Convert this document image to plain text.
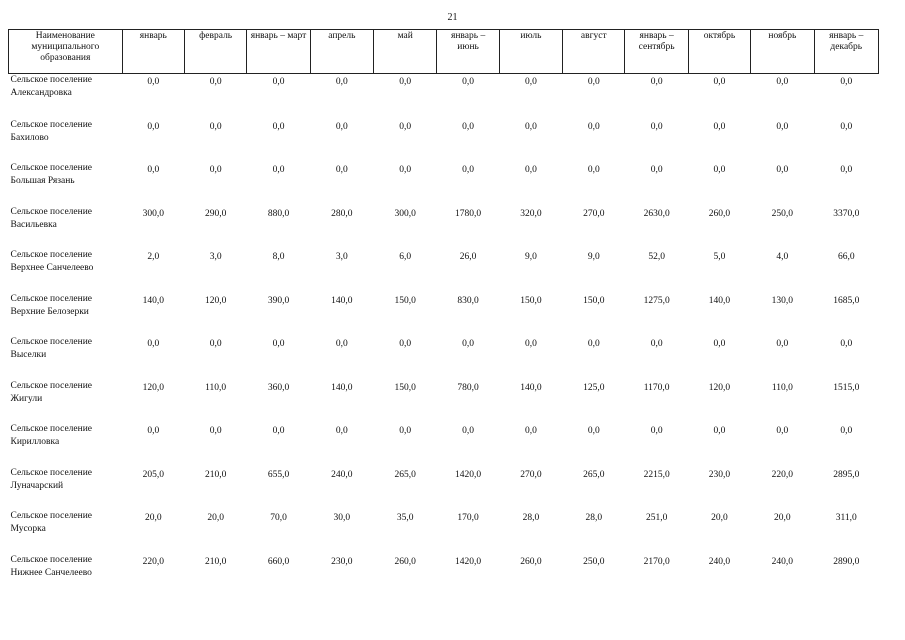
21
Наименование муниципального образования	январь	февраль	январь – март	апрель	май	январь – июнь	июль	август	январь – сентябрь	октябрь	ноябрь	январь – декабрь
Сельское поселение Александровка	0,0	0,0	0,0	0,0	0,0	0,0	0,0	0,0	0,0	0,0	0,0	0,0
Сельское поселение Бахилово	0,0	0,0	0,0	0,0	0,0	0,0	0,0	0,0	0,0	0,0	0,0	0,0
Сельское поселение Большая Рязань	0,0	0,0	0,0	0,0	0,0	0,0	0,0	0,0	0,0	0,0	0,0	0,0
Сельское поселение Васильевка	300,0	290,0	880,0	280,0	300,0	1780,0	320,0	270,0	2630,0	260,0	250,0	3370,0
Сельское поселение Верхнее Санчелеево	2,0	3,0	8,0	3,0	6,0	26,0	9,0	9,0	52,0	5,0	4,0	66,0
Сельское поселение Верхние Белозерки	140,0	120,0	390,0	140,0	150,0	830,0	150,0	150,0	1275,0	140,0	130,0	1685,0
Сельское поселение Выселки	0,0	0,0	0,0	0,0	0,0	0,0	0,0	0,0	0,0	0,0	0,0	0,0
Сельское поселение Жигули	120,0	110,0	360,0	140,0	150,0	780,0	140,0	125,0	1170,0	120,0	110,0	1515,0
Сельское поселение Кирилловка	0,0	0,0	0,0	0,0	0,0	0,0	0,0	0,0	0,0	0,0	0,0	0,0
Сельское поселение Луначарский	205,0	210,0	655,0	240,0	265,0	1420,0	270,0	265,0	2215,0	230,0	220,0	2895,0
Сельское поселение Мусорка	20,0	20,0	70,0	30,0	35,0	170,0	28,0	28,0	251,0	20,0	20,0	311,0
Сельское поселение Нижнее Санчелеево	220,0	210,0	660,0	230,0	260,0	1420,0	260,0	250,0	2170,0	240,0	240,0	2890,0
